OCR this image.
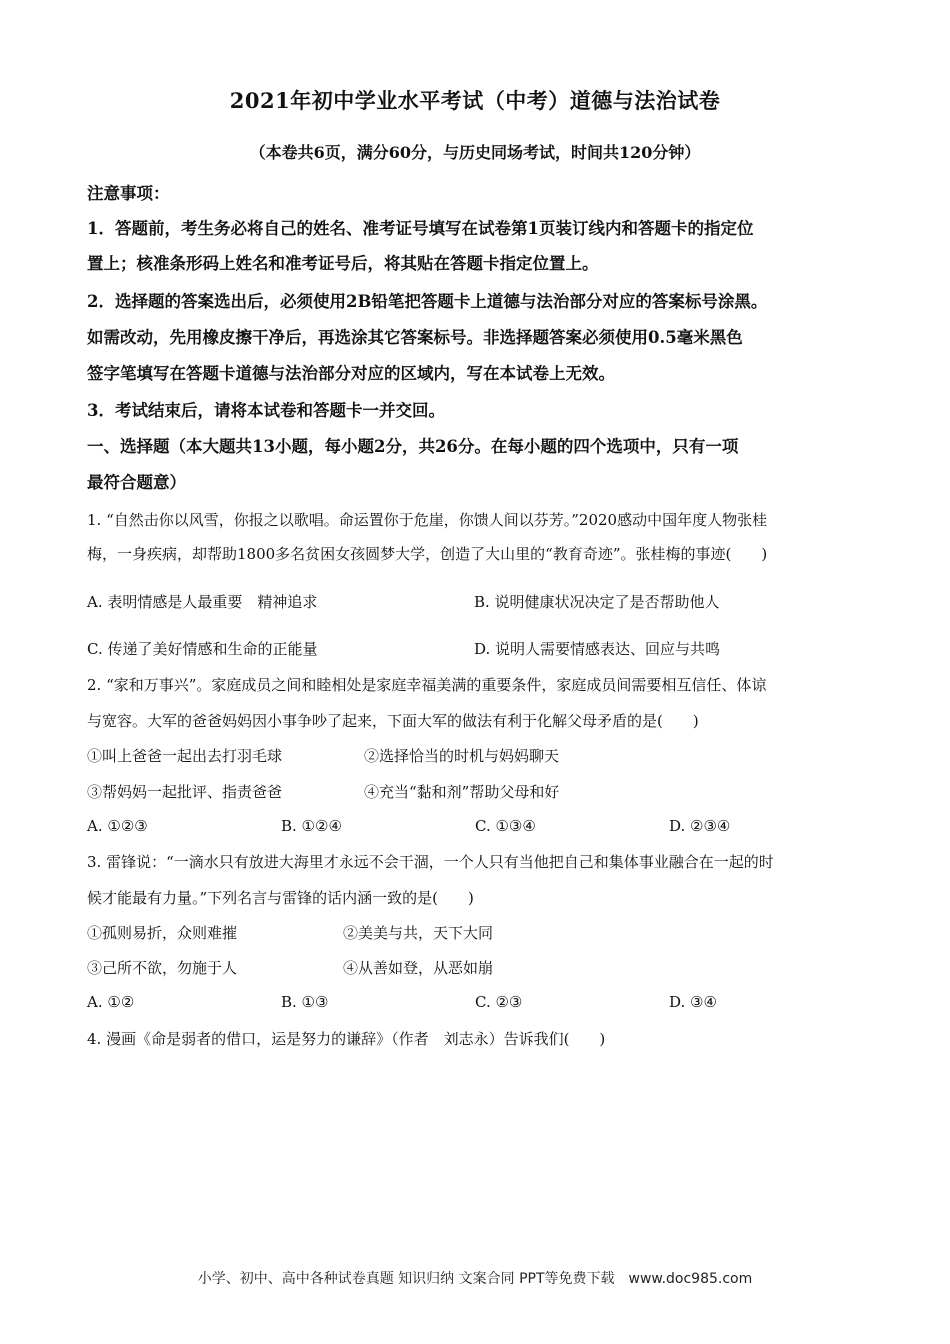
2021年初中学业水平考试（中考）道德与法治试卷
（本卷共6页，满分60分，与历史同场考试，时间共120分钟）
注意事项：
1．答题前，考生务必将自己的姓名、准考证号填写在试卷第1页装订线内和答题卡的指定位
置上；核准条形码上姓名和准考证号后，将其贴在答题卡指定位置上。
2．选择题的答案选出后，必须使用2B铅笔把答题卡上道德与法治部分对应的答案标号涂黑。
如需改动，先用橡皮擦干净后，再选涂其它答案标号。非选择题答案必须使用0.5毫米黑色
签字笔填写在答题卡道德与法治部分对应的区域内，写在本试卷上无效。
3．考试结束后，请将本试卷和答题卡一并交回。
一、选择题（本大题共13小题，每小题2分，共26分。在每小题的四个选项中，只有一项
最符合题意）
1. “自然击你以风雪，你报之以歌唱。命运置你于危崖，你馈人间以芬芳。”2020感动中国年度人物张桂
梅，一身疾病，却帮助1800多名贫困女孩圆梦大学，创造了大山里的“教育奇迹”。张桂梅的事迹(　　)
A. 表明情感是人最重要　精神追求	B. 说明健康状况决定了是否帮助他人
C. 传递了美好情感和生命的正能量	D. 说明人需要情感表达、回应与共鸣
2. “家和万事兴”。家庭成员之间和睦相处是家庭幸福美满的重要条件，家庭成员间需要相互信任、体谅
与宽容。大军的爸爸妈妈因小事争吵了起来，下面大军的做法有利于化解父母矛盾的是(　　)
①叫上爸爸一起出去打羽毛球	②选择恰当的时机与妈妈聊天
③帮妈妈一起批评、指责爸爸	④充当“黏和剂”帮助父母和好
A. ①②③	B. ①②④	C. ①③④	D. ②③④
3. 雷锋说：“一滴水只有放进大海里才永远不会干涸，一个人只有当他把自己和集体事业融合在一起的时
候才能最有力量。”下列名言与雷锋的话内涵一致的是(　　)
①孤则易折，众则难摧	②美美与共，天下大同
③己所不欲，勿施于人	④从善如登，从恶如崩
A. ①②	B. ①③	C. ②③	D. ③④
4. 漫画《命是弱者的借口，运是努力的谦辞》（作者　刘志永）告诉我们(　　)
小学、初中、高中各种试卷真题 知识归纳 文案合同 PPT等免费下载　www.doc985.com
